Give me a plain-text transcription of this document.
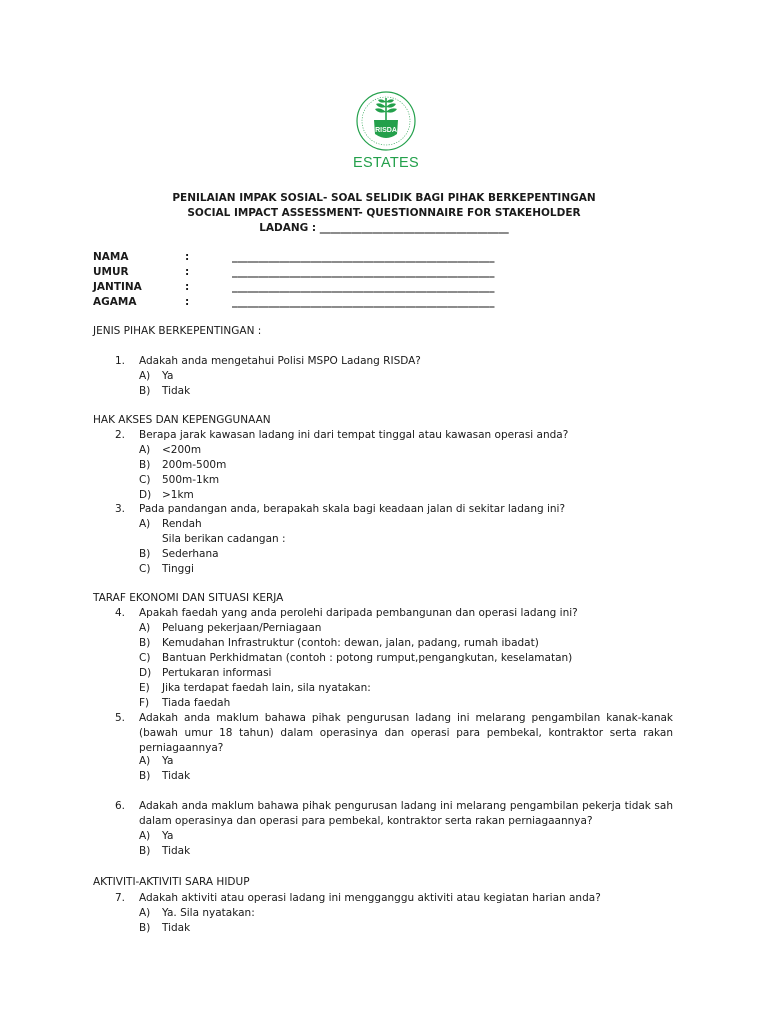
RISDA
ESTATES
PENILAIAN IMPAK SOSIAL- SOAL SELIDIK BAGI PIHAK BERKEPENTINGAN
SOCIAL IMPACT ASSESSMENT- QUESTIONNAIRE FOR STAKEHOLDER
LADANG : ____________________________________
NAMA	:	__________________________________________________
UMUR	:	__________________________________________________
JANTINA	:	__________________________________________________
AGAMA	:	__________________________________________________
JENIS PIHAK BERKEPENTINGAN :
1. Adakah anda mengetahui Polisi MSPO Ladang RISDA?
A) Ya
B) Tidak
HAK AKSES DAN KEPENGGUNAAN
2. Berapa jarak kawasan ladang ini dari tempat tinggal atau kawasan operasi anda?
A) <200m
B) 200m-500m
C) 500m-1km
D) >1km
3. Pada pandangan anda, berapakah skala bagi keadaan jalan di sekitar ladang ini?
A) Rendah
Sila berikan cadangan :
B) Sederhana
C) Tinggi
TARAF EKONOMI DAN SITUASI KERJA
4. Apakah faedah yang anda perolehi daripada pembangunan dan operasi ladang ini?
A) Peluang pekerjaan/Perniagaan
B) Kemudahan Infrastruktur (contoh: dewan, jalan, padang, rumah ibadat)
C) Bantuan Perkhidmatan (contoh : potong rumput,pengangkutan, keselamatan)
D) Pertukaran informasi
E) Jika terdapat faedah lain, sila nyatakan:
F) Tiada faedah
5. Adakah anda maklum bahawa pihak pengurusan ladang ini melarang pengambilan kanak-kanak (bawah umur 18 tahun) dalam operasinya dan operasi para pembekal, kontraktor serta rakan perniagaannya?
A) Ya
B) Tidak
6. Adakah anda maklum bahawa pihak pengurusan ladang ini melarang pengambilan pekerja tidak sah dalam operasinya dan operasi para pembekal, kontraktor serta rakan perniagaannya?
A) Ya
B) Tidak
AKTIVITI-AKTIVITI SARA HIDUP
7. Adakah aktiviti atau operasi ladang ini mengganggu aktiviti atau kegiatan harian anda?
A) Ya. Sila nyatakan:
B) Tidak
